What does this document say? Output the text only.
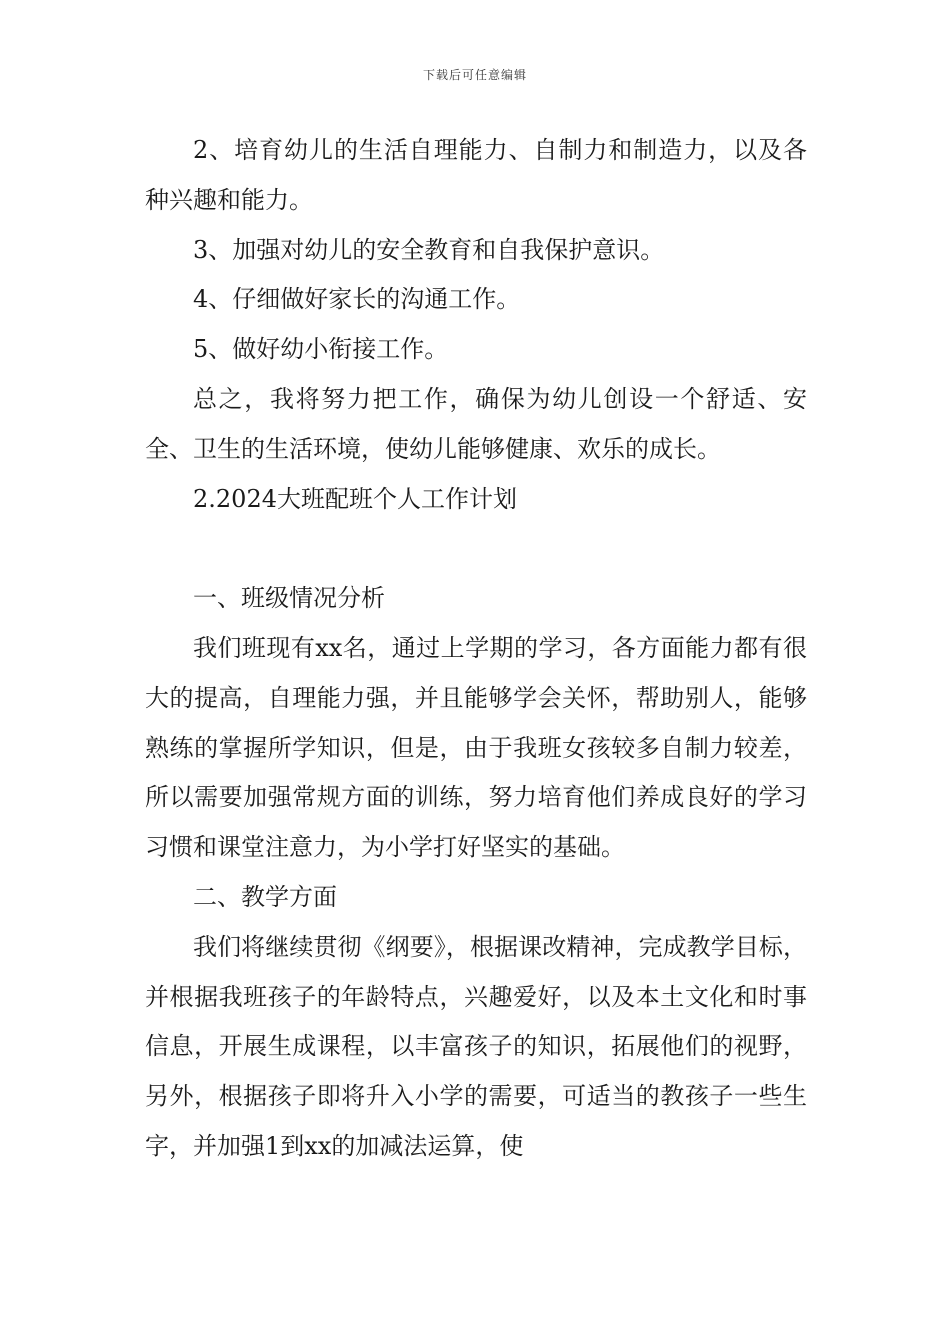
下载后可任意编辑

2、培育幼儿的生活自理能力、自制力和制造力，以及各种兴趣和能力。

3、加强对幼儿的安全教育和自我保护意识。

4、仔细做好家长的沟通工作。

5、做好幼小衔接工作。

总之，我将努力把工作，确保为幼儿创设一个舒适、安全、卫生的生活环境，使幼儿能够健康、欢乐的成长。

2.2024大班配班个人工作计划

一、班级情况分析

我们班现有xx名，通过上学期的学习，各方面能力都有很大的提高，自理能力强，并且能够学会关怀，帮助别人，能够熟练的掌握所学知识，但是，由于我班女孩较多自制力较差，所以需要加强常规方面的训练，努力培育他们养成良好的学习习惯和课堂注意力，为小学打好坚实的基础。

二、教学方面

我们将继续贯彻《纲要》，根据课改精神，完成教学目标，并根据我班孩子的年龄特点，兴趣爱好，以及本土文化和时事信息，开展生成课程，以丰富孩子的知识，拓展他们的视野，另外，根据孩子即将升入小学的需要，可适当的教孩子一些生字，并加强1到xx的加减法运算，使
